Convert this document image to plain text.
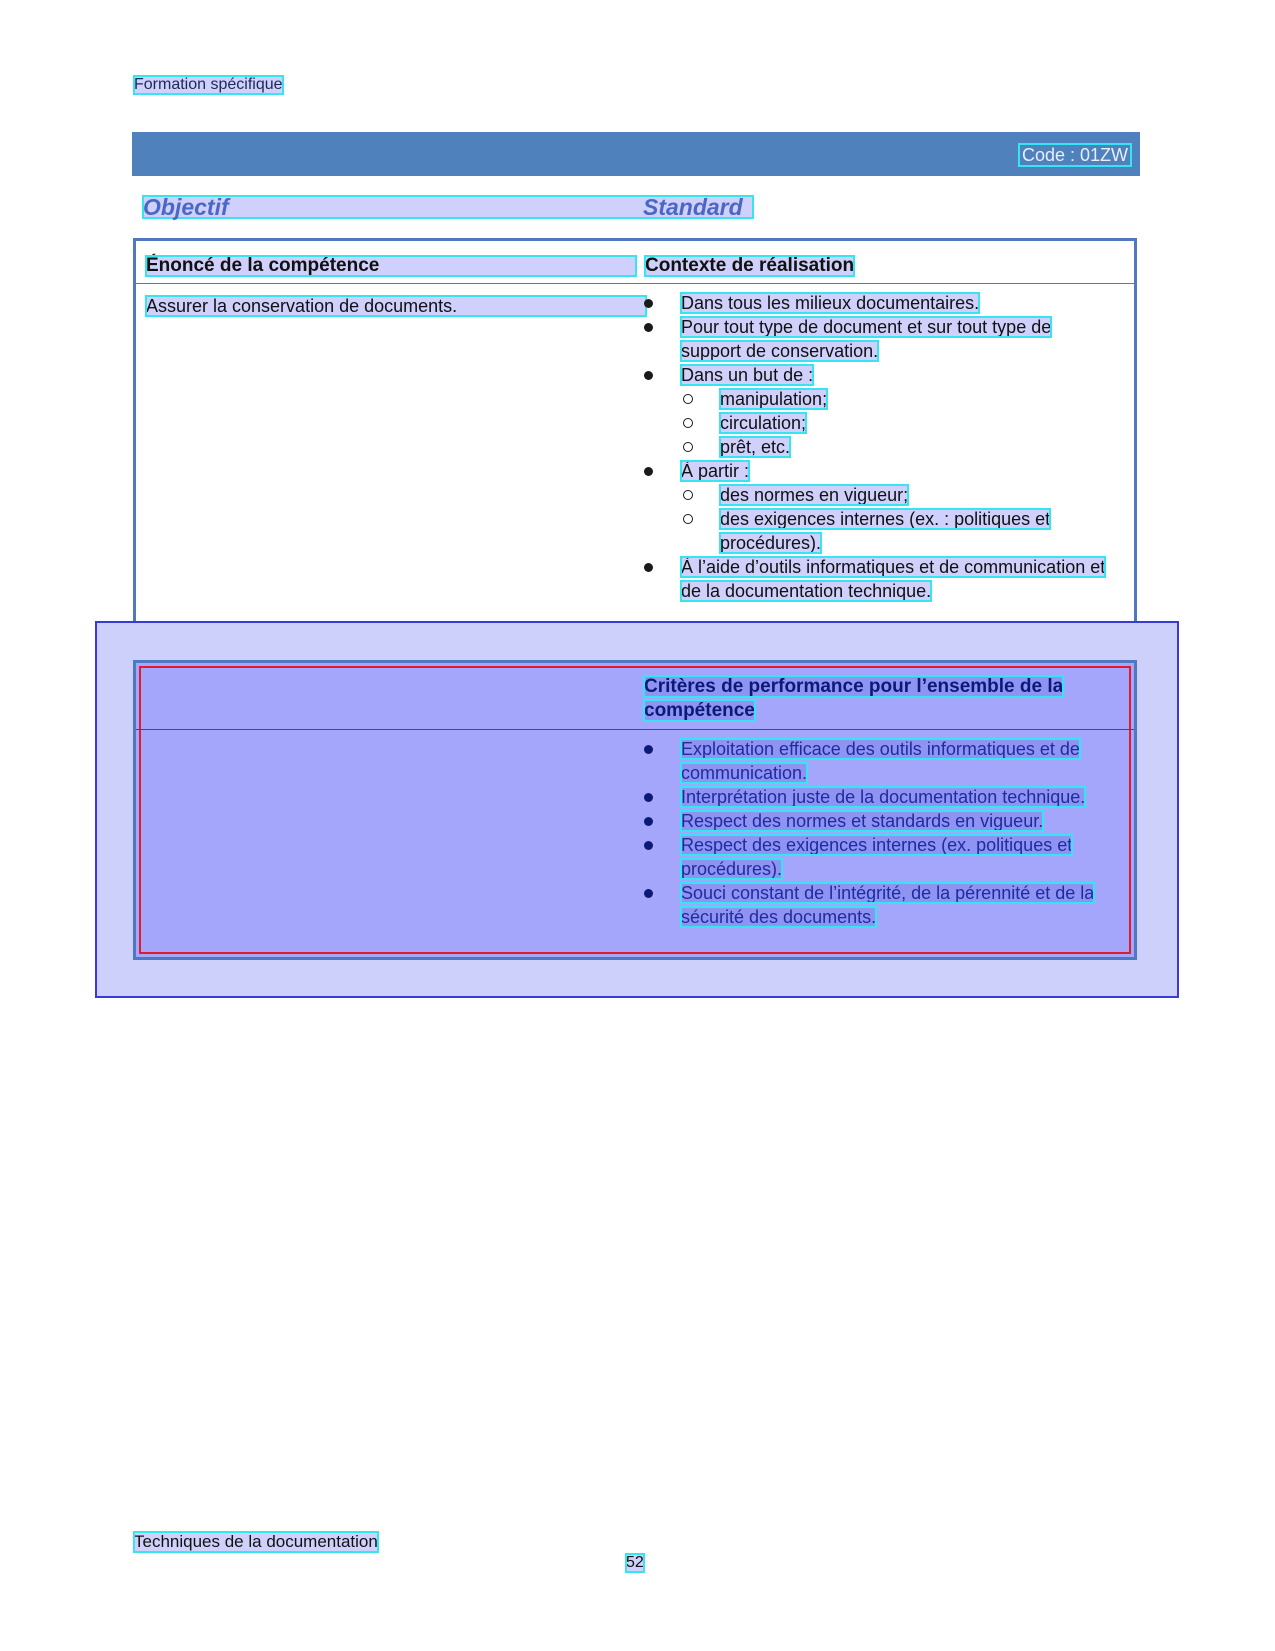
Formation spécifique
Code : 01ZW
Objectif	Standard
Énoncé de la compétence	Contexte de réalisation
Assurer la conservation de documents.	Dans tous les milieux documentaires.
Pour tout type de document et sur tout type de support de conservation.
Dans un but de :
manipulation;
circulation;
prêt, etc.
À partir :
des normes en vigueur;
des exigences internes (ex. : politiques et procédures).
À l’aide d’outils informatiques et de communication et de la documentation technique.
Critères de performance pour l’ensemble de la compétence
Exploitation efficace des outils informatiques et de communication.
Interprétation juste de la documentation technique.
Respect des normes et standards en vigueur.
Respect des exigences internes (ex. politiques et procédures).
Souci constant de l’intégrité, de la pérennité et de la sécurité des documents.
Techniques de la documentation
52
